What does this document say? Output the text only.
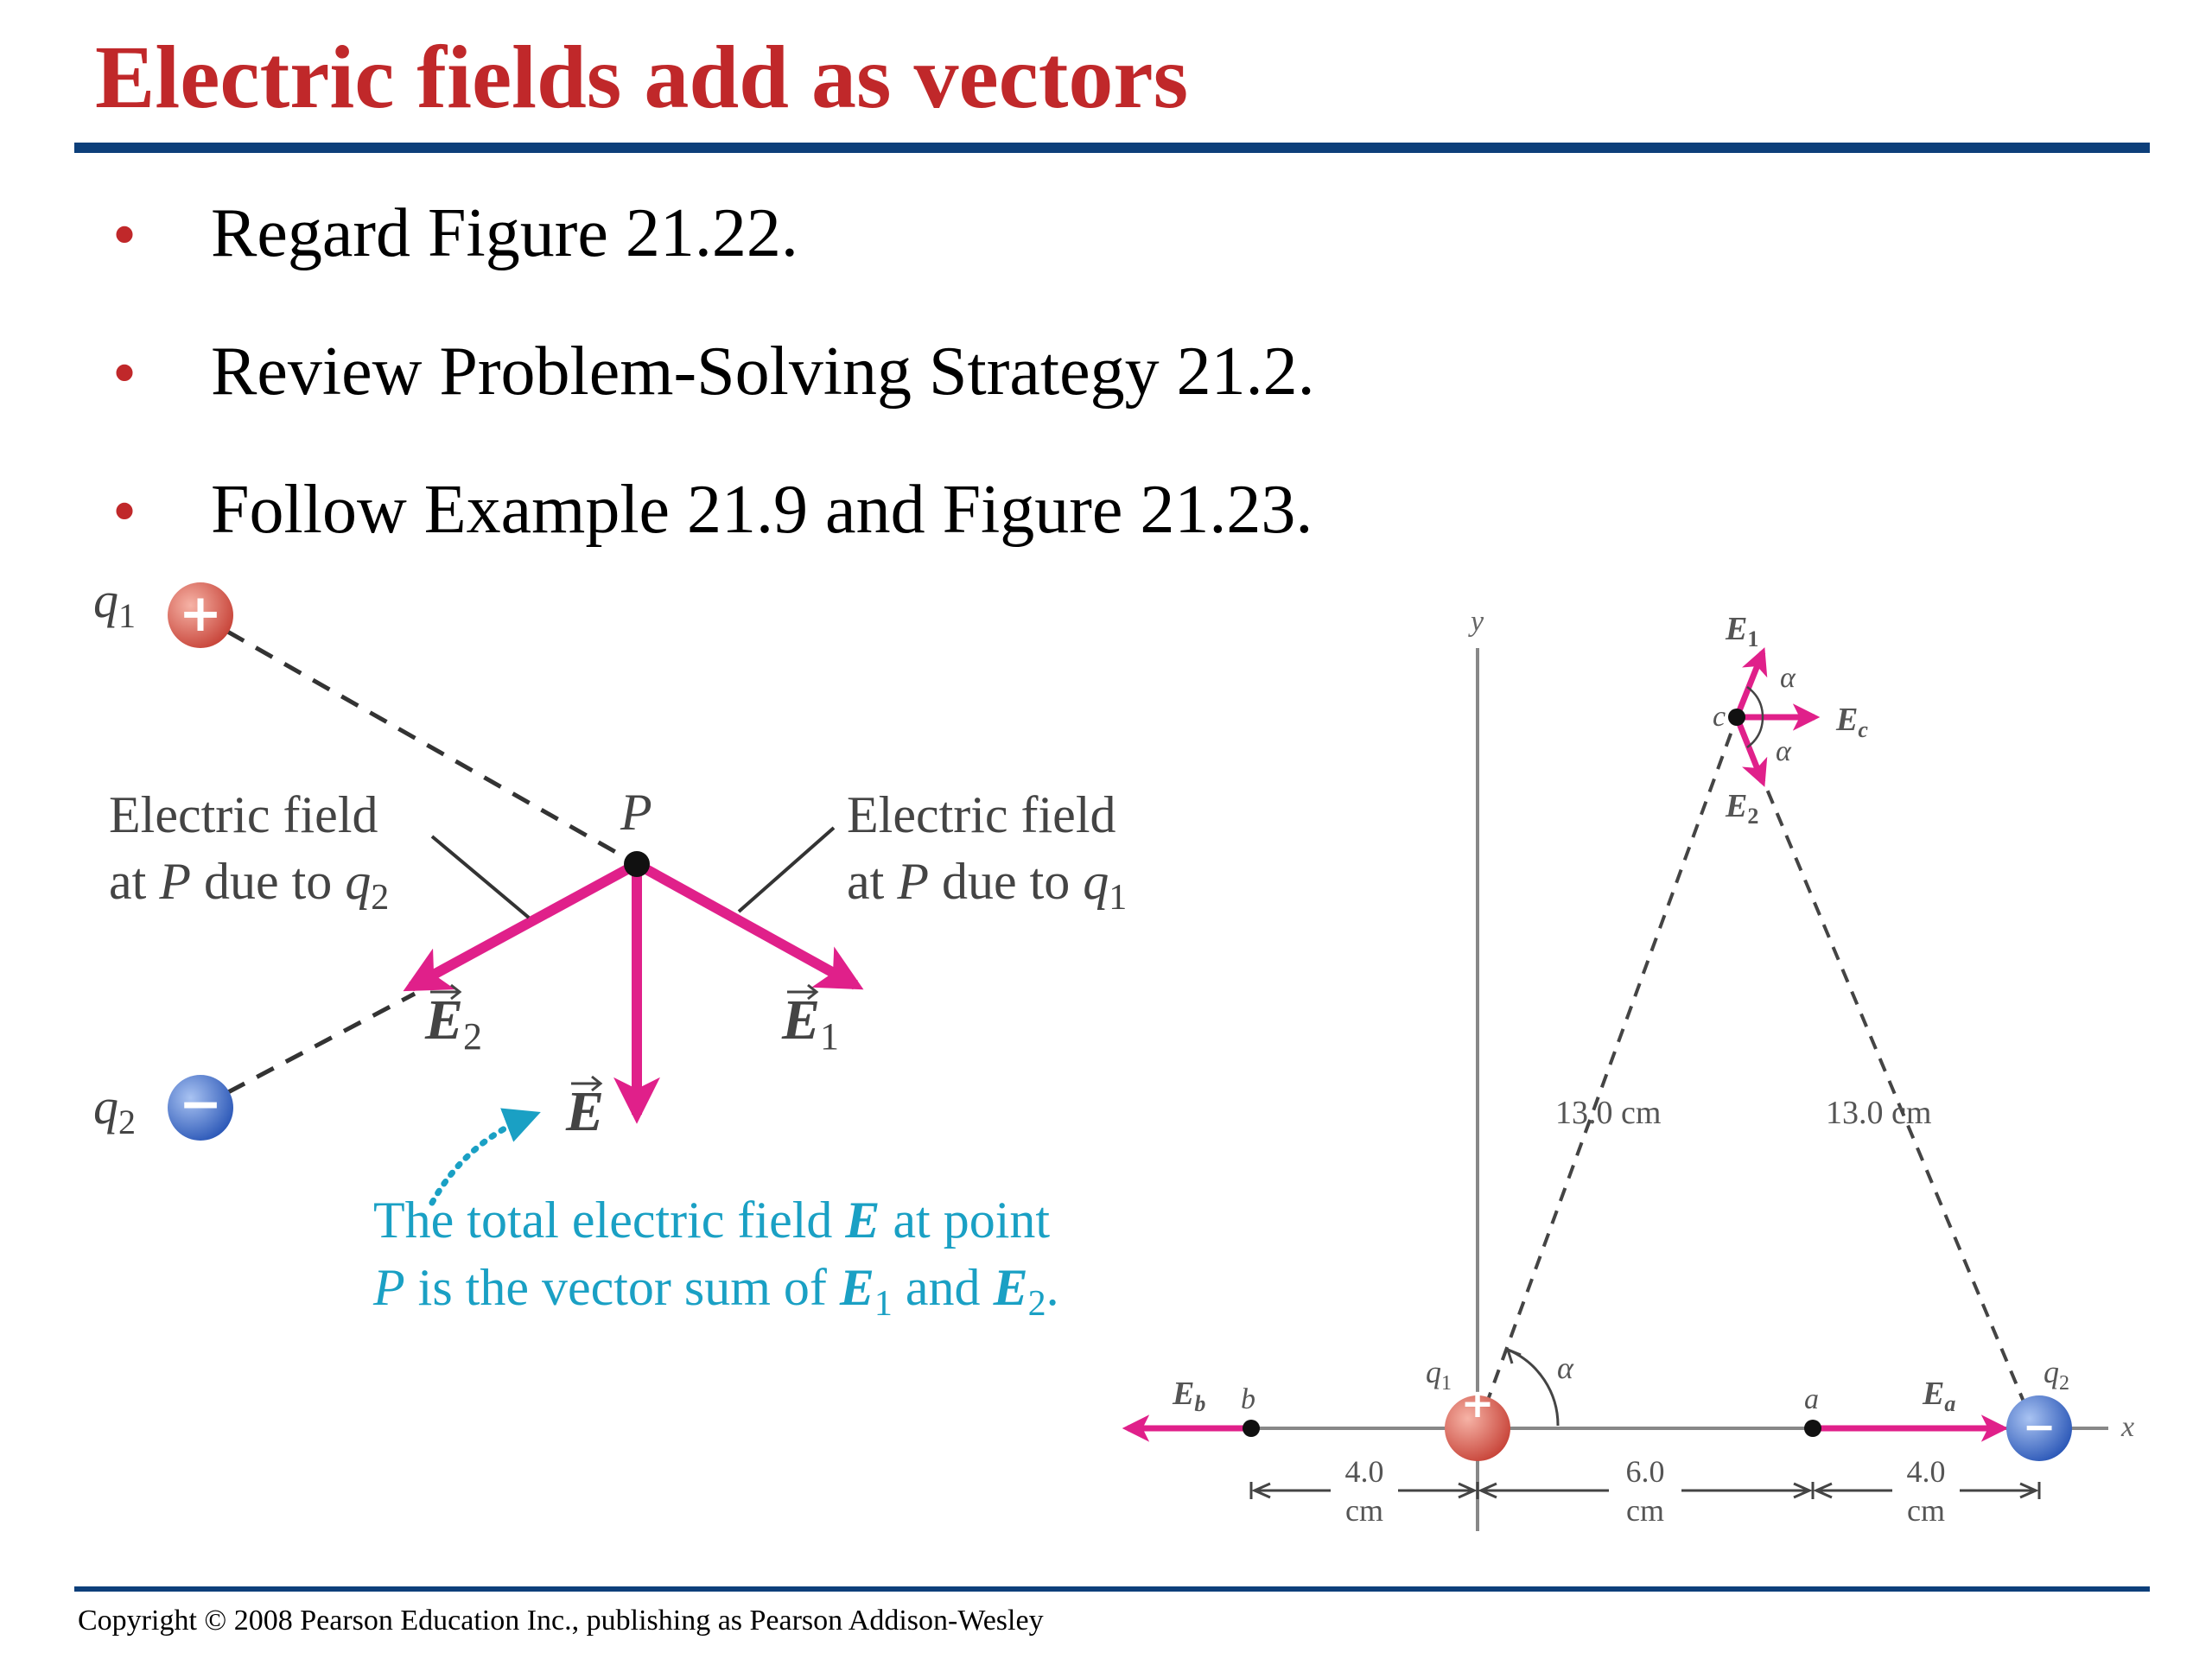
Electric fields add as vectors
• Regard Figure 21.22.
• Review Problem-Solving Strategy 21.2.
• Follow Example 21.9 and Figure 21.23.
+
−
$q_1$
$q_2$
P
Electric field
at P due to $q_2$
Electric field
at P due to $q_1$
E2	E1
E
The total electric field E at point
P is the vector sum of $E_1$ and $E_2$.
y
x
α
13.0 cm	13.0 cm
c
b	a
α
α
$E_1$
$E_2$
$E_c$
$E_b$	$E_a$
$q_1$	$q_2$
+	−
4.0
cm
6.0
cm
4.0
cm
Copyright © 2008 Pearson Education Inc., publishing as Pearson Addison-Wesley
